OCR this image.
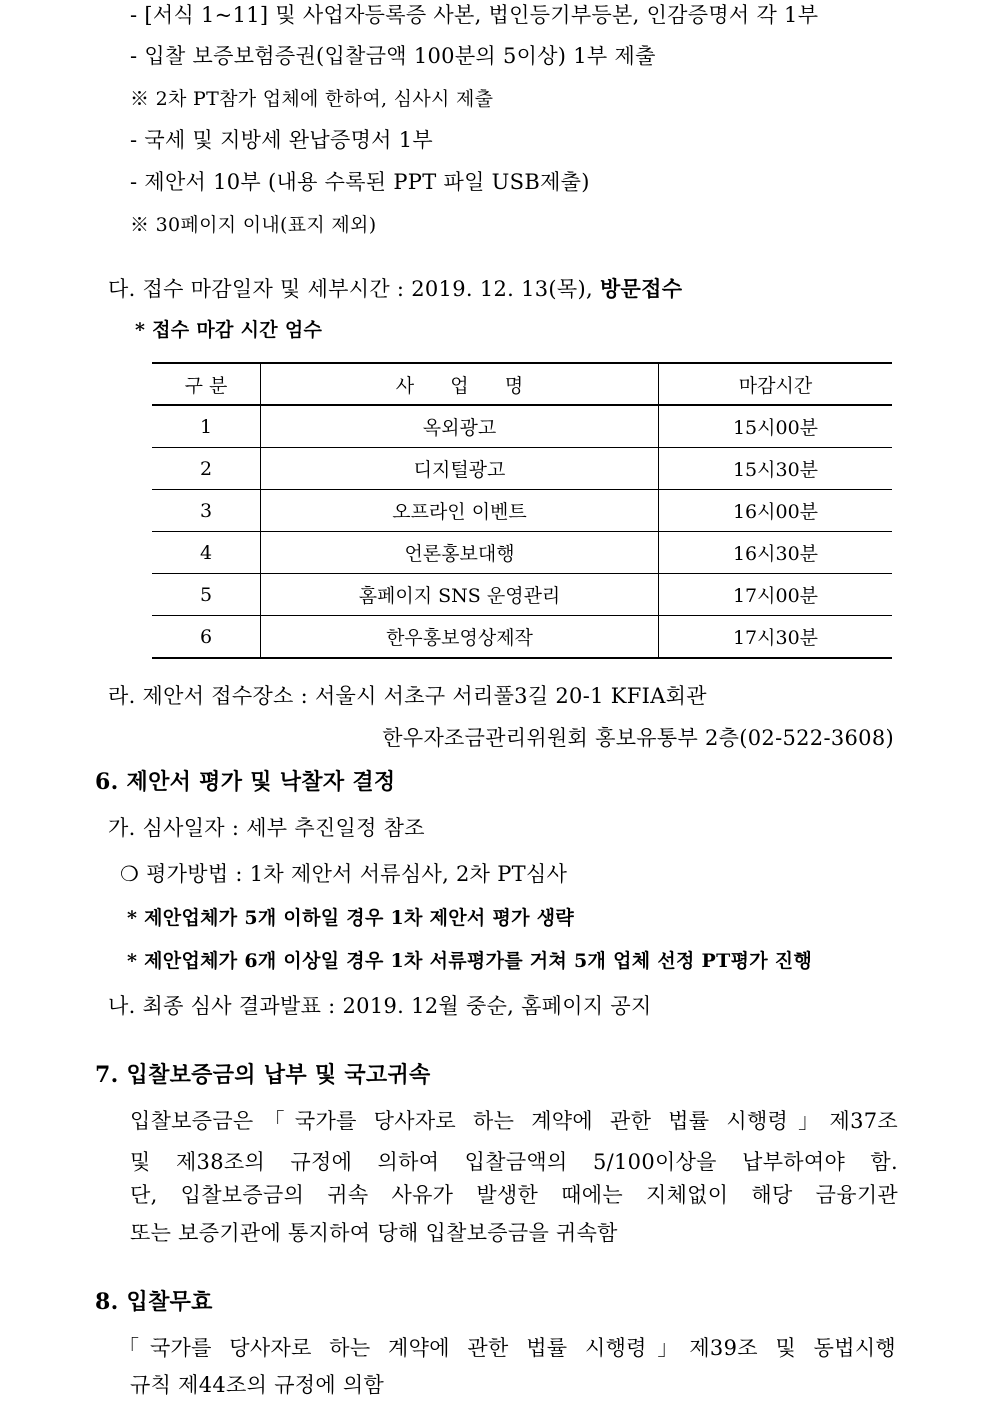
- [서식 1~11] 및 사업자등록증 사본, 법인등기부등본, 인감증명서 각 1부
- 입찰 보증보험증권(입찰금액 100분의 5이상) 1부 제출
※ 2차 PT참가 업체에 한하여, 심사시 제출
- 국세 및 지방세 완납증명서 1부
- 제안서 10부 (내용 수록된 PPT 파일 USB제출)
※ 30페이지 이내(표지 제외)
다. 접수 마감일자 및 세부시간 : 2019. 12. 13(목), 방문접수
* 접수 마감 시간 엄수
구 분	사      업      명	마감시간
1	옥외광고	15시00분
2	디지털광고	15시30분
3	오프라인 이벤트	16시00분
4	언론홍보대행	16시30분
5	홈페이지 SNS 운영관리	17시00분
6	한우홍보영상제작	17시30분
라. 제안서 접수장소 : 서울시 서초구 서리풀3길 20-1 KFIA회관
한우자조금관리위원회 홍보유통부 2층(02-522-3608)
6. 제안서 평가 및 낙찰자 결정
가. 심사일자 : 세부 추진일정 참조
❍ 평가방법 : 1차 제안서 서류심사, 2차 PT심사
* 제안업체가 5개 이하일 경우 1차 제안서 평가 생략
* 제안업체가 6개 이상일 경우 1차 서류평가를 거쳐 5개 업체 선정 PT평가 진행
나. 최종 심사 결과발표 : 2019. 12월 중순, 홈페이지 공지
7. 입찰보증금의 납부 및 국고귀속
입찰보증금은「국가를 당사자로 하는 계약에 관한 법률 시행령」제37조
및 제38조의 규정에 의하여 입찰금액의 5/100이상을 납부하여야 함.
단, 입찰보증금의 귀속 사유가 발생한 때에는 지체없이 해당 금융기관
또는 보증기관에 통지하여 당해 입찰보증금을 귀속함
8. 입찰무효
「국가를 당사자로 하는 계약에 관한 법률 시행령」제39조 및 동법시행
규칙 제44조의 규정에 의함
